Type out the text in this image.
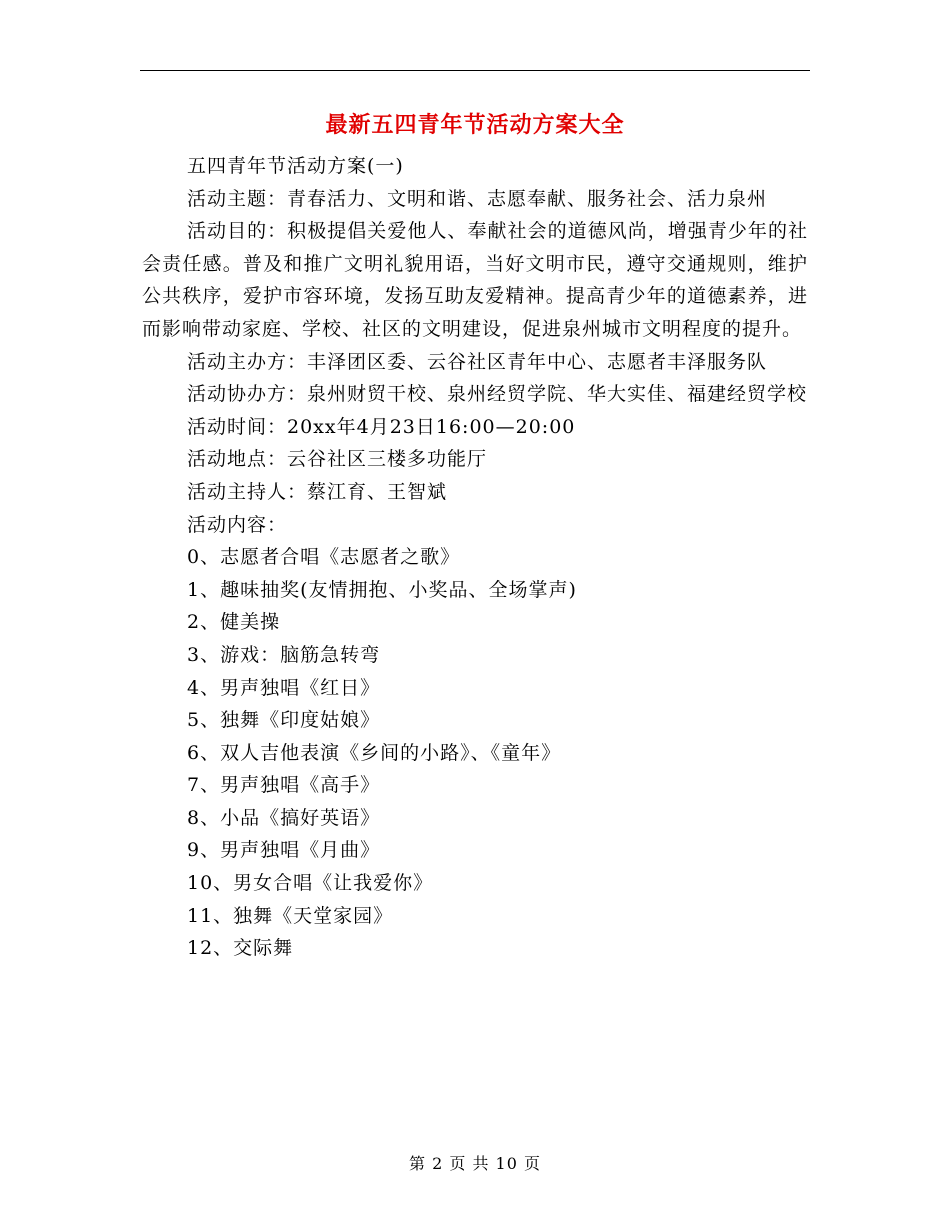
最新五四青年节活动方案大全

五四青年节活动方案(一)

活动主题：青春活力、文明和谐、志愿奉献、服务社会、活力泉州

活动目的：积极提倡关爱他人、奉献社会的道德风尚，增强青少年的社会责任感。普及和推广文明礼貌用语，当好文明市民，遵守交通规则，维护公共秩序，爱护市容环境，发扬互助友爱精神。提高青少年的道德素养，进而影响带动家庭、学校、社区的文明建设，促进泉州城市文明程度的提升。

活动主办方：丰泽团区委、云谷社区青年中心、志愿者丰泽服务队

活动协办方：泉州财贸干校、泉州经贸学院、华大实佳、福建经贸学校

活动时间：20xx年4月23日16:00—20:00

活动地点：云谷社区三楼多功能厅

活动主持人：蔡江育、王智斌

活动内容：

0、志愿者合唱《志愿者之歌》

1、趣味抽奖(友情拥抱、小奖品、全场掌声)

2、健美操

3、游戏：脑筋急转弯

4、男声独唱《红日》

5、独舞《印度姑娘》

6、双人吉他表演《乡间的小路》、《童年》

7、男声独唱《高手》

8、小品《搞好英语》

9、男声独唱《月曲》

10、男女合唱《让我爱你》

11、独舞《天堂家园》

12、交际舞

第 2 页 共 10 页
